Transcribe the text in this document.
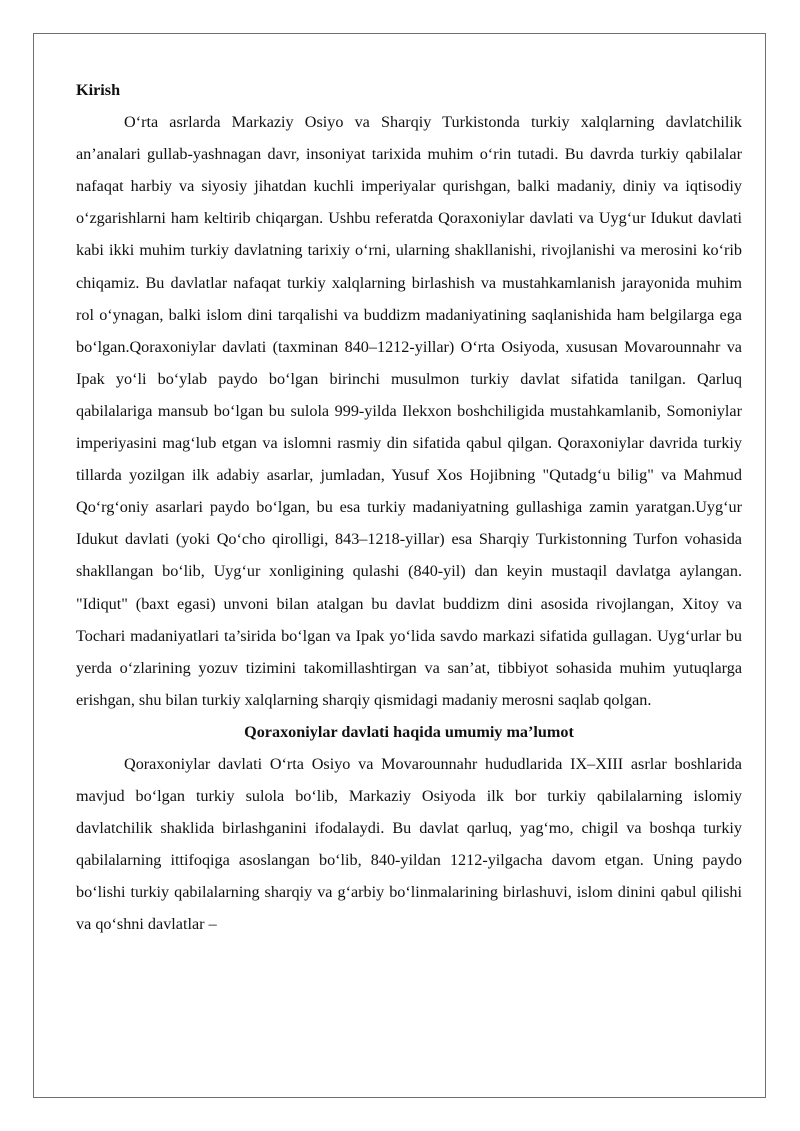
Kirish

O‘rta asrlarda Markaziy Osiyo va Sharqiy Turkistonda turkiy xalqlarning davlatchilik an’analari gullab-yashnagan davr, insoniyat tarixida muhim o‘rin tutadi. Bu davrda turkiy qabilalar nafaqat harbiy va siyosiy jihatdan kuchli imperiyalar qurishgan, balki madaniy, diniy va iqtisodiy o‘zgarishlarni ham keltirib chiqargan. Ushbu referatda Qoraxoniylar davlati va Uyg‘ur Idukut davlati kabi ikki muhim turkiy davlatning tarixiy o‘rni, ularning shakllanishi, rivojlanishi va merosini ko‘rib chiqamiz. Bu davlatlar nafaqat turkiy xalqlarning birlashish va mustahkamlanish jarayonida muhim rol o‘ynagan, balki islom dini tarqalishi va buddizm madaniyatining saqlanishida ham belgilarga ega bo‘lgan.Qoraxoniylar davlati (taxminan 840–1212-yillar) O‘rta Osiyoda, xususan Movarounnahr va Ipak yo‘li bo‘ylab paydo bo‘lgan birinchi musulmon turkiy davlat sifatida tanilgan. Qarluq qabilalariga mansub bo‘lgan bu sulola 999-yilda Ilekxon boshchiligida mustahkamlanib, Somoniylar imperiyasini mag‘lub etgan va islomni rasmiy din sifatida qabul qilgan. Qoraxoniylar davrida turkiy tillarda yozilgan ilk adabiy asarlar, jumladan, Yusuf Xos Hojibning "Qutadg‘u bilig" va Mahmud Qo‘rg‘oniy asarlari paydo bo‘lgan, bu esa turkiy madaniyatning gullashiga zamin yaratgan.Uyg‘ur Idukut davlati (yoki Qo‘cho qirolligi, 843–1218-yillar) esa Sharqiy Turkistonning Turfon vohasida shakllangan bo‘lib, Uyg‘ur xonligining qulashi (840-yil) dan keyin mustaqil davlatga aylangan. "Idiqut" (baxt egasi) unvoni bilan atalgan bu davlat buddizm dini asosida rivojlangan, Xitoy va Tochari madaniyatlari ta’sirida bo‘lgan va Ipak yo‘lida savdo markazi sifatida gullagan. Uyg‘urlar bu yerda o‘zlarining yozuv tizimini takomillashtirgan va san’at, tibbiyot sohasida muhim yutuqlarga erishgan, shu bilan turkiy xalqlarning sharqiy qismidagi madaniy merosni saqlab qolgan.

Qoraxoniylar davlati haqida umumiy ma’lumot

Qoraxoniylar davlati O‘rta Osiyo va Movarounnahr hududlarida IX–XIII asrlar boshlarida mavjud bo‘lgan turkiy sulola bo‘lib, Markaziy Osiyoda ilk bor turkiy qabilalarning islomiy davlatchilik shaklida birlashganini ifodalaydi. Bu davlat qarluq, yag‘mo, chigil va boshqa turkiy qabilalarning ittifoqiga asoslangan bo‘lib, 840-yildan 1212-yilgacha davom etgan. Uning paydo bo‘lishi turkiy qabilalarning sharqiy va g‘arbiy bo‘linmalarining birlashuvi, islom dinini qabul qilishi va qo‘shni davlatlar –
